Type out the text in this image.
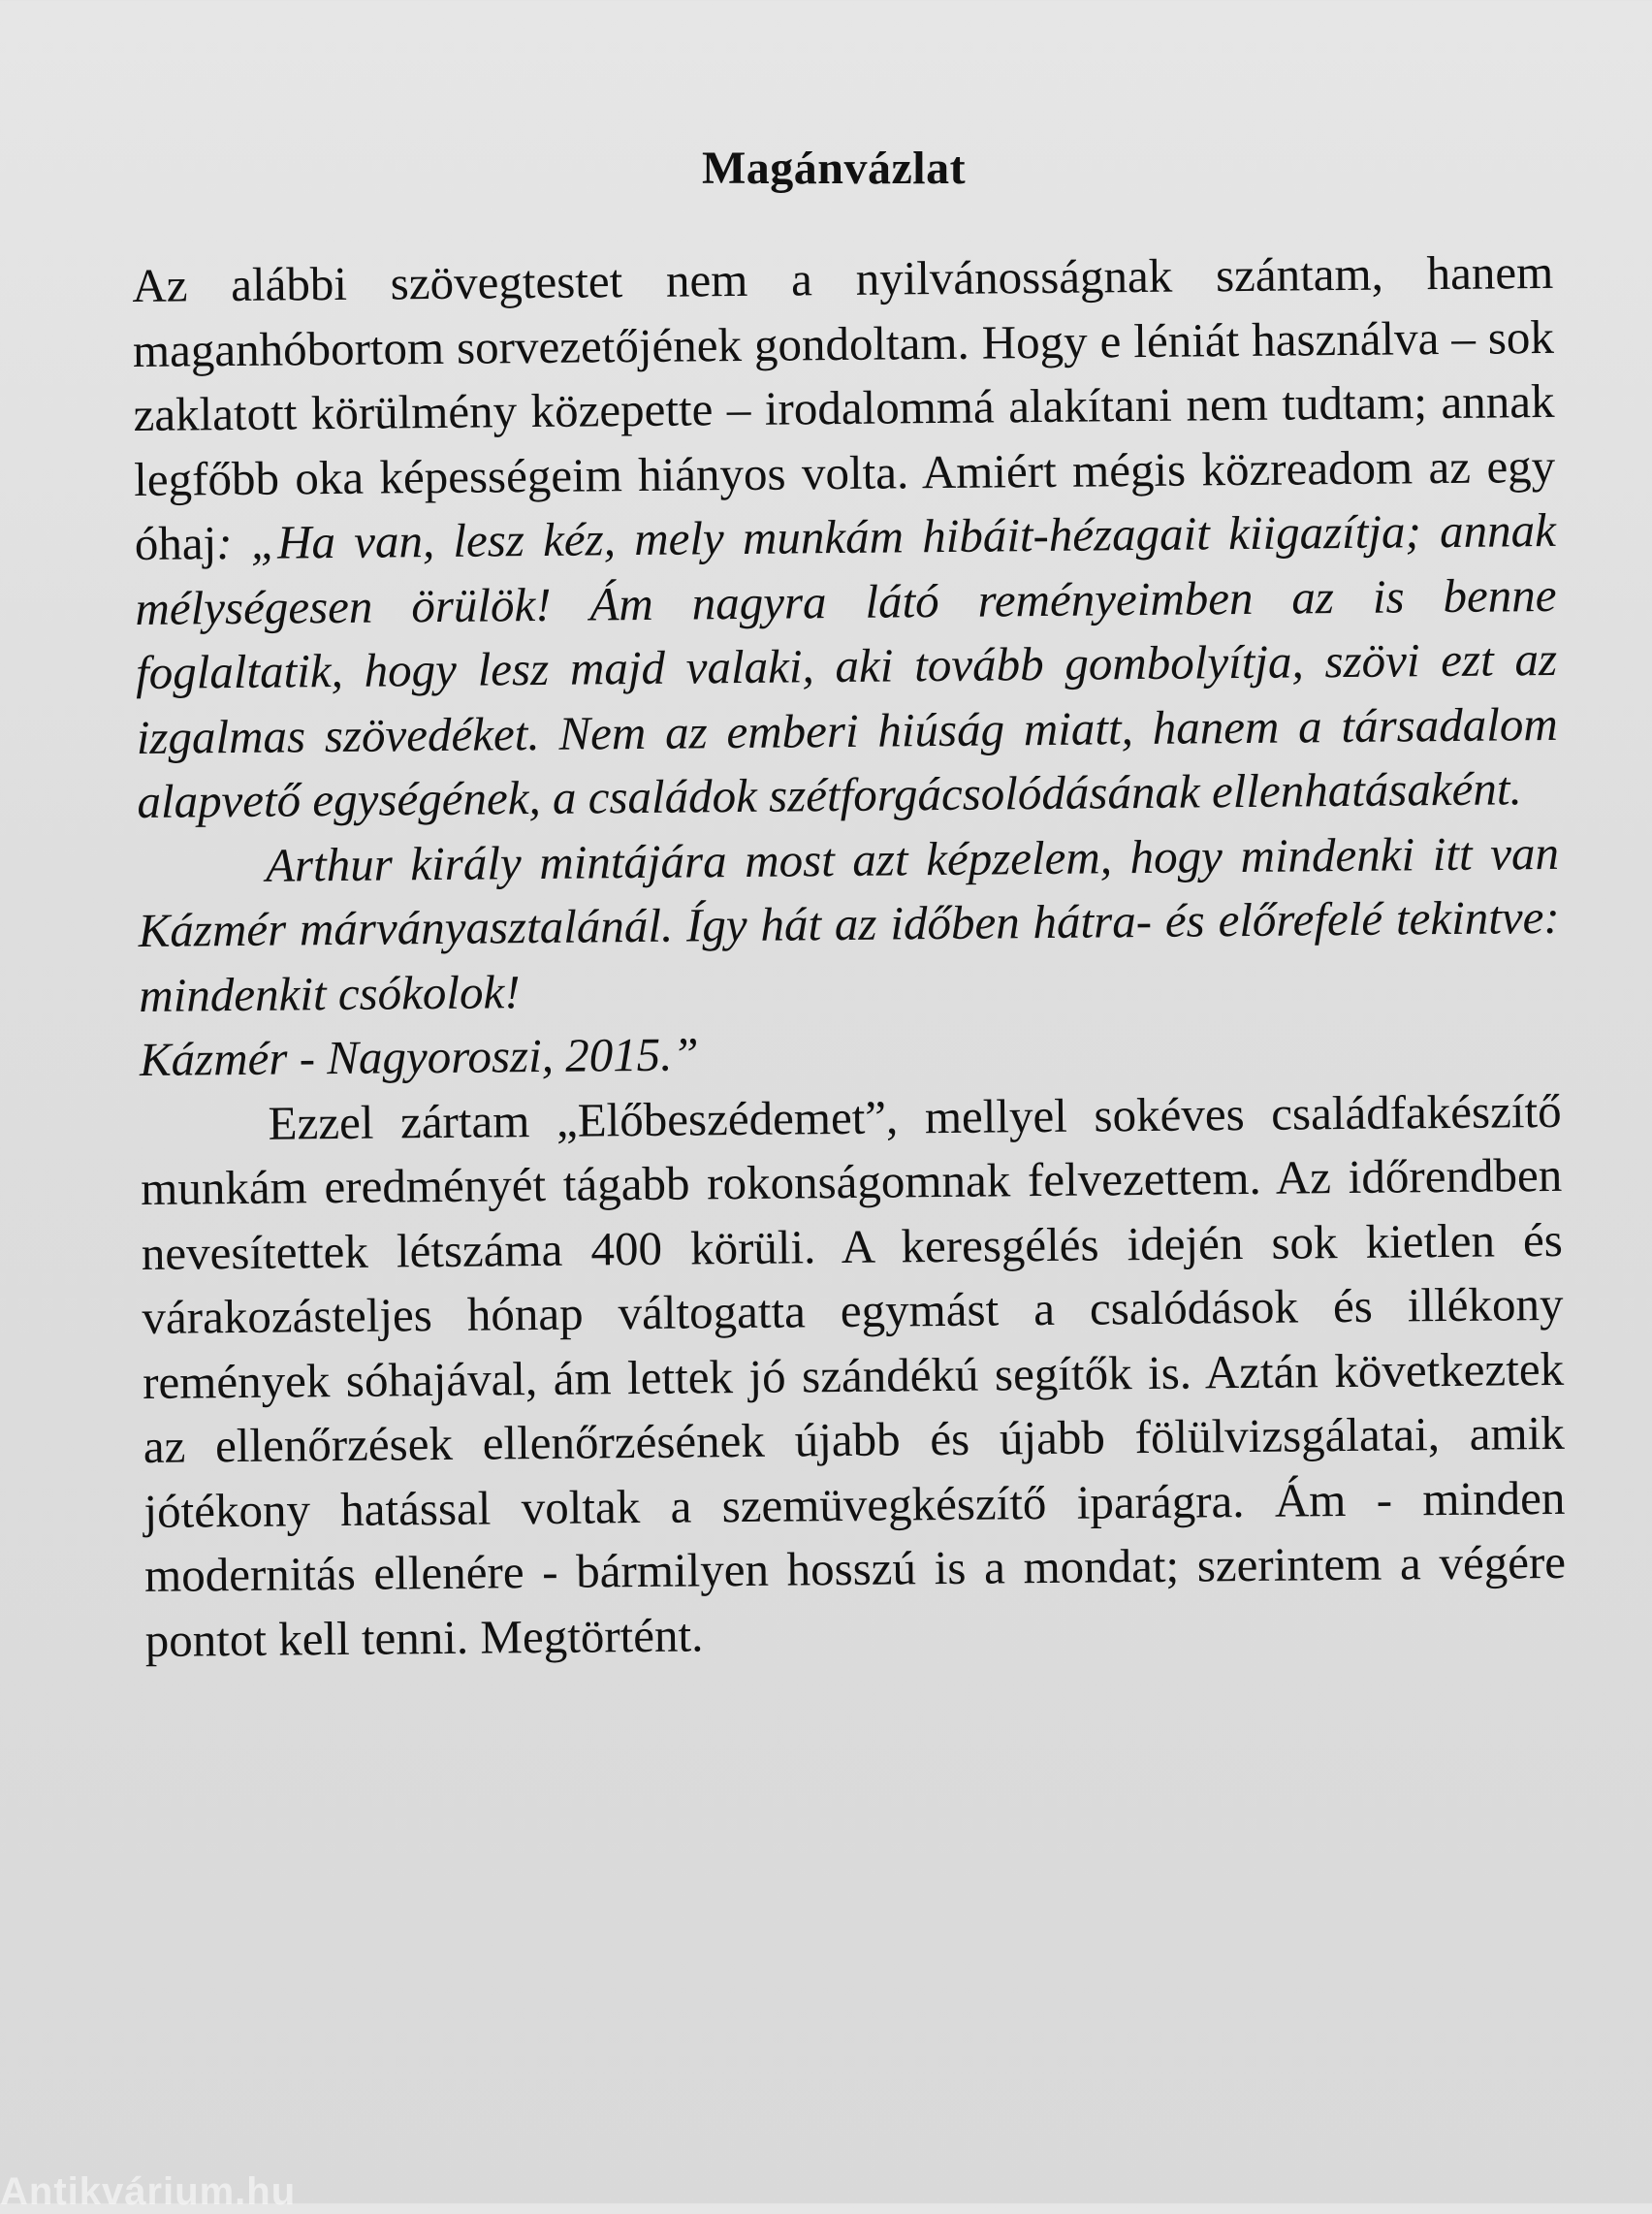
Magánvázlat

Az alábbi szövegtestet nem a nyilvánosságnak szántam, hanem maganhóbortom sorvezetőjének gondoltam. Hogy e léniát használva – sok zaklatott körülmény közepette – irodalommá alakítani nem tudtam; annak legfőbb oka képességeim hiányos volta. Amiért mégis közreadom az egy óhaj: „Ha van, lesz kéz, mely munkám hibáit-hézagait kiigazítja; annak mélységesen örülök! Ám nagyra látó reményeimben az is benne foglaltatik, hogy lesz majd valaki, aki tovább gombolyítja, szövi ezt az izgalmas szövedéket. Nem az emberi hiúság miatt, hanem a társadalom alapvető egységének, a családok szétforgácsolódásának ellenhatásaként.

Arthur király mintájára most azt képzelem, hogy mindenki itt van Kázmér márványasztalánál. Így hát az időben hátra- és előrefelé tekintve: mindenkit csókolok!

Kázmér - Nagyoroszi, 2015.”

Ezzel zártam „Előbeszédemet”, mellyel sokéves családfakészítő munkám eredményét tágabb rokonságomnak felvezettem. Az időrendben nevesítettek létszáma 400 körüli. A keresgélés idején sok kietlen és várakozásteljes hónap váltogatta egymást a csalódások és illékony remények sóhajával, ám lettek jó szándékú segítők is. Aztán következtek az ellenőrzések ellenőrzésének újabb és újabb fölülvizsgálatai, amik jótékony hatással voltak a szemüvegkészítő iparágra. Ám - minden modernitás ellenére - bármilyen hosszú is a mondat; szerintem a végére pontot kell tenni. Megtörtént.

Antikvárium.hu
